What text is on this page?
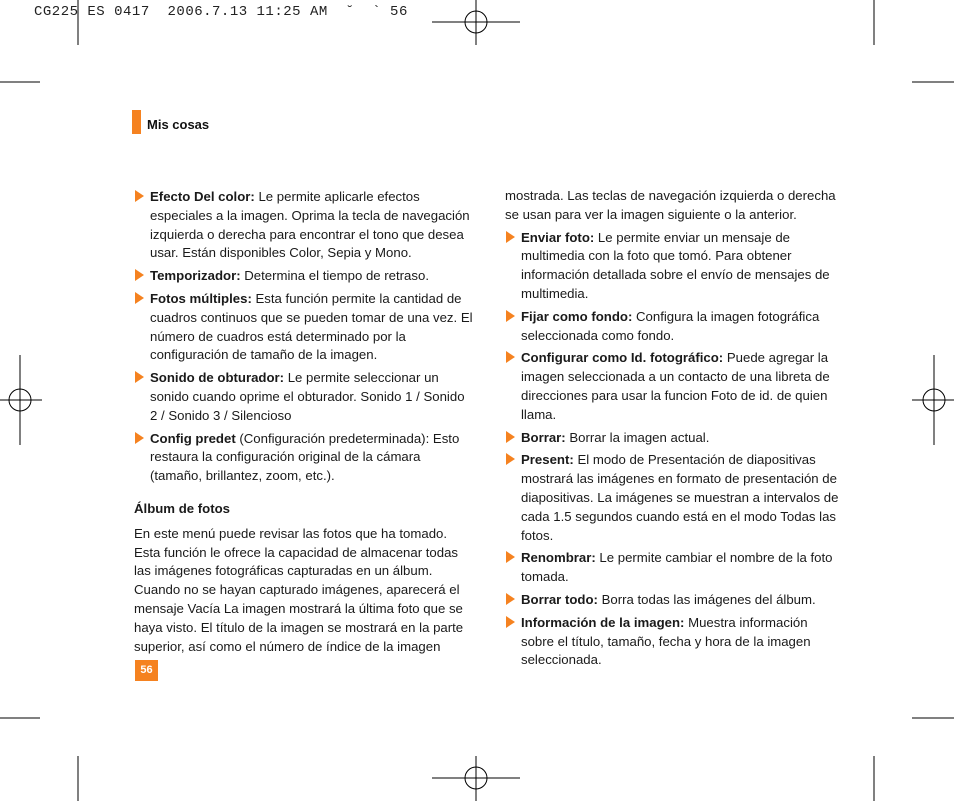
CG225 ES 0417  2006.7.13 11:25 AM  ˘  ` 56
Mis cosas
Efecto Del color: Le permite aplicarle efectos especiales a la imagen. Oprima la tecla de navegación izquierda o derecha para encontrar el tono que desea usar. Están disponibles Color, Sepia y Mono.
Temporizador: Determina el tiempo de retraso.
Fotos múltiples: Esta función permite la cantidad de cuadros continuos que se pueden tomar de una vez. El número de cuadros está determinado por la configuración de tamaño de la imagen.
Sonido de obturador: Le permite seleccionar un sonido cuando oprime el obturador. Sonido 1 / Sonido 2 / Sonido 3 / Silencioso
Config predet (Configuración predeterminada): Esto restaura la configuración original de la cámara (tamaño, brillantez, zoom, etc.).
Álbum de fotos

En este menú puede revisar las fotos que ha tomado. Esta función le ofrece la capacidad de almacenar todas las imágenes fotográficas capturadas en un álbum. Cuando no se hayan capturado imágenes, aparecerá el mensaje Vacía La imagen mostrará la última foto que se haya visto. El título de la imagen se mostrará en la parte superior, así como el número de índice de la imagen

mostrada. Las teclas de navegación izquierda o derecha se usan para ver la imagen siguiente o la anterior.

Enviar foto: Le permite enviar un mensaje de multimedia con la foto que tomó. Para obtener información detallada sobre el envío de mensajes de multimedia.
Fijar como fondo: Configura la imagen fotográfica seleccionada como fondo.
Configurar como Id. fotográfico: Puede agregar la imagen seleccionada a un contacto de una libreta de direcciones para usar la funcion Foto de id. de quien llama.
Borrar: Borrar la imagen actual.
Present: El modo de Presentación de diapositivas mostrará las imágenes en formato de presentación de diapositivas. La imágenes se muestran a intervalos de cada 1.5 segundos cuando está en el modo Todas las fotos.
Renombrar: Le permite cambiar el nombre de la foto tomada.
Borrar todo: Borra todas las imágenes del álbum.
Información de la imagen: Muestra información sobre el título, tamaño, fecha y hora de la imagen seleccionada.
56
